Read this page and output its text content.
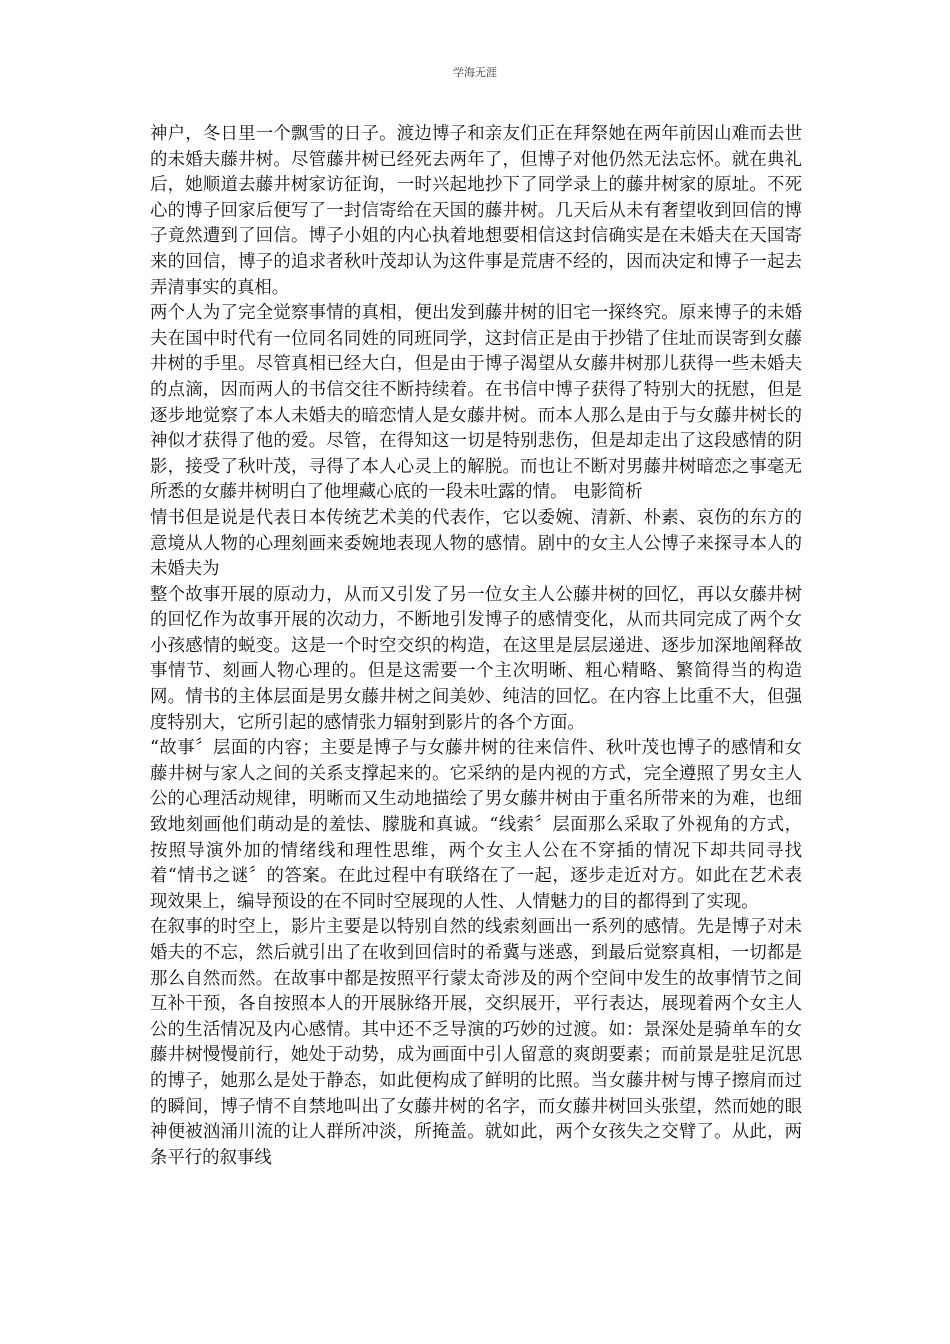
学海无涯

神户，冬日里一个飘雪的日子。渡边博子和亲友们正在拜祭她在两年前因山难而去世的未婚夫藤井树。尽管藤井树已经死去两年了，但博子对他仍然无法忘怀。就在典礼后，她顺道去藤井树家访征询，一时兴起地抄下了同学录上的藤井树家的原址。不死心的博子回家后便写了一封信寄给在天国的藤井树。几天后从未有奢望收到回信的博子竟然遭到了回信。博子小姐的内心执着地想要相信这封信确实是在未婚夫在天国寄来的回信，博子的追求者秋叶茂却认为这件事是荒唐不经的，因而决定和博子一起去弄清事实的真相。

两个人为了完全觉察事情的真相，便出发到藤井树的旧宅一探终究。原来博子的未婚夫在国中时代有一位同名同姓的同班同学，这封信正是由于抄错了住址而误寄到女藤井树的手里。尽管真相已经大白，但是由于博子渴望从女藤井树那儿获得一些未婚夫的点滴，因而两人的书信交往不断持续着。在书信中博子获得了特别大的抚慰，但是逐步地觉察了本人未婚夫的暗恋情人是女藤井树。而本人那么是由于与女藤井树长的神似才获得了他的爱。尽管，在得知这一切是特别悲伤，但是却走出了这段感情的阴影，接受了秋叶茂，寻得了本人心灵上的解脱。而也让不断对男藤井树暗恋之事毫无所悉的女藤井树明白了他埋藏心底的一段未吐露的情。 电影简析

情书但是说是代表日本传统艺术美的代表作，它以委婉、清新、朴素、哀伤的东方的意境从人物的心理刻画来委婉地表现人物的感情。剧中的女主人公博子来探寻本人的未婚夫为

整个故事开展的原动力，从而又引发了另一位女主人公藤井树的回忆，再以女藤井树的回忆作为故事开展的次动力，不断地引发博子的感情变化，从而共同完成了两个女小孩感情的蜕变。这是一个时空交织的构造，在这里是层层递进、逐步加深地阐释故事情节、刻画人物心理的。但是这需要一个主次明晰、粗心精略、繁简得当的构造网。情书的主体层面是男女藤井树之间美妙、纯洁的回忆。在内容上比重不大，但强度特别大，它所引起的感情张力辐射到影片的各个方面。

“故事〞层面的内容；主要是博子与女藤井树的往来信件、秋叶茂也博子的感情和女藤井树与家人之间的关系支撑起来的。它采纳的是内视的方式，完全遵照了男女主人公的心理活动规律，明晰而又生动地描绘了男女藤井树由于重名所带来的为难，也细致地刻画他们萌动是的羞怯、朦胧和真诚。“线索〞层面那么采取了外视角的方式，按照导演外加的情绪线和理性思维，两个女主人公在不穿插的情况下却共同寻找着“情书之谜〞的答案。在此过程中有联络在了一起，逐步走近对方。如此在艺术表现效果上，编导预设的在不同时空展现的人性、人情魅力的目的都得到了实现。

在叙事的时空上，影片主要是以特别自然的线索刻画出一系列的感情。先是博子对未婚夫的不忘，然后就引出了在收到回信时的希冀与迷惑，到最后觉察真相，一切都是那么自然而然。在故事中都是按照平行蒙太奇涉及的两个空间中发生的故事情节之间互补干预，各自按照本人的开展脉络开展，交织展开，平行表达，展现着两个女主人公的生活情况及内心感情。其中还不乏导演的巧妙的过渡。如：景深处是骑单车的女藤井树慢慢前行，她处于动势，成为画面中引人留意的爽朗要素；而前景是驻足沉思的博子，她那么是处于静态，如此便构成了鲜明的比照。当女藤井树与博子擦肩而过的瞬间，博子情不自禁地叫出了女藤井树的名字，而女藤井树回头张望，然而她的眼神便被汹涌川流的让人群所冲淡，所掩盖。就如此，两个女孩失之交臂了。从此，两条平行的叙事线
